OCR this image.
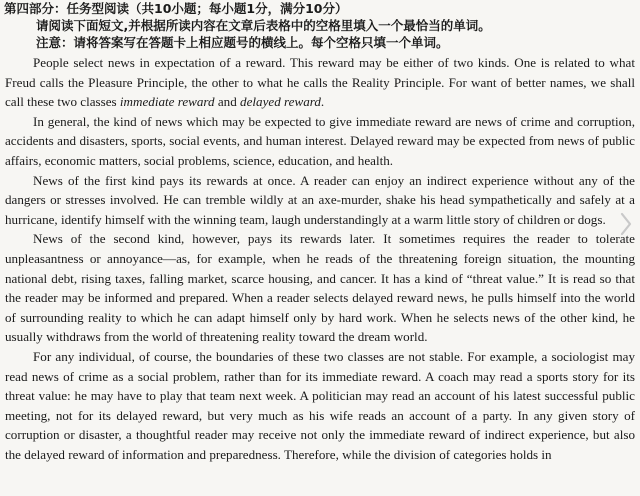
第四部分：任务型阅读（共10小题；每小题1分，满分10分）
请阅读下面短文,并根据所读内容在文章后表格中的空格里填入一个最恰当的单词。
注意：请将答案写在答题卡上相应题号的横线上。每个空格只填一个单词。

People select news in expectation of a reward. This reward may be either of two kinds. One is related to what Freud calls the Pleasure Principle, the other to what he calls the Reality Principle. For want of better names, we shall call these two classes immediate reward and delayed reward.

In general, the kind of news which may be expected to give immediate reward are news of crime and corruption, accidents and disasters, sports, social events, and human interest. Delayed reward may be expected from news of public affairs, economic matters, social problems, science, education, and health.

News of the first kind pays its rewards at once. A reader can enjoy an indirect experience without any of the dangers or stresses involved. He can tremble wildly at an axe-murder, shake his head sympathetically and safely at a hurricane, identify himself with the winning team, laugh understandingly at a warm little story of children or dogs.

News of the second kind, however, pays its rewards later. It sometimes requires the reader to tolerate unpleasantness or annoyance—as, for example, when he reads of the threatening foreign situation, the mounting national debt, rising taxes, falling market, scarce housing, and cancer. It has a kind of “threat value.” It is read so that the reader may be informed and prepared. When a reader selects delayed reward news, he pulls himself into the world of surrounding reality to which he can adapt himself only by hard work. When he selects news of the other kind, he usually withdraws from the world of threatening reality toward the dream world.

For any individual, of course, the boundaries of these two classes are not stable. For example, a sociologist may read news of crime as a social problem, rather than for its immediate reward. A coach may read a sports story for its threat value: he may have to play that team next week. A politician may read an account of his latest successful public meeting, not for its delayed reward, but very much as his wife reads an account of a party. In any given story of corruption or disaster, a thoughtful reader may receive not only the immediate reward of indirect experience, but also the delayed reward of information and preparedness. Therefore, while the division of categories holds in
